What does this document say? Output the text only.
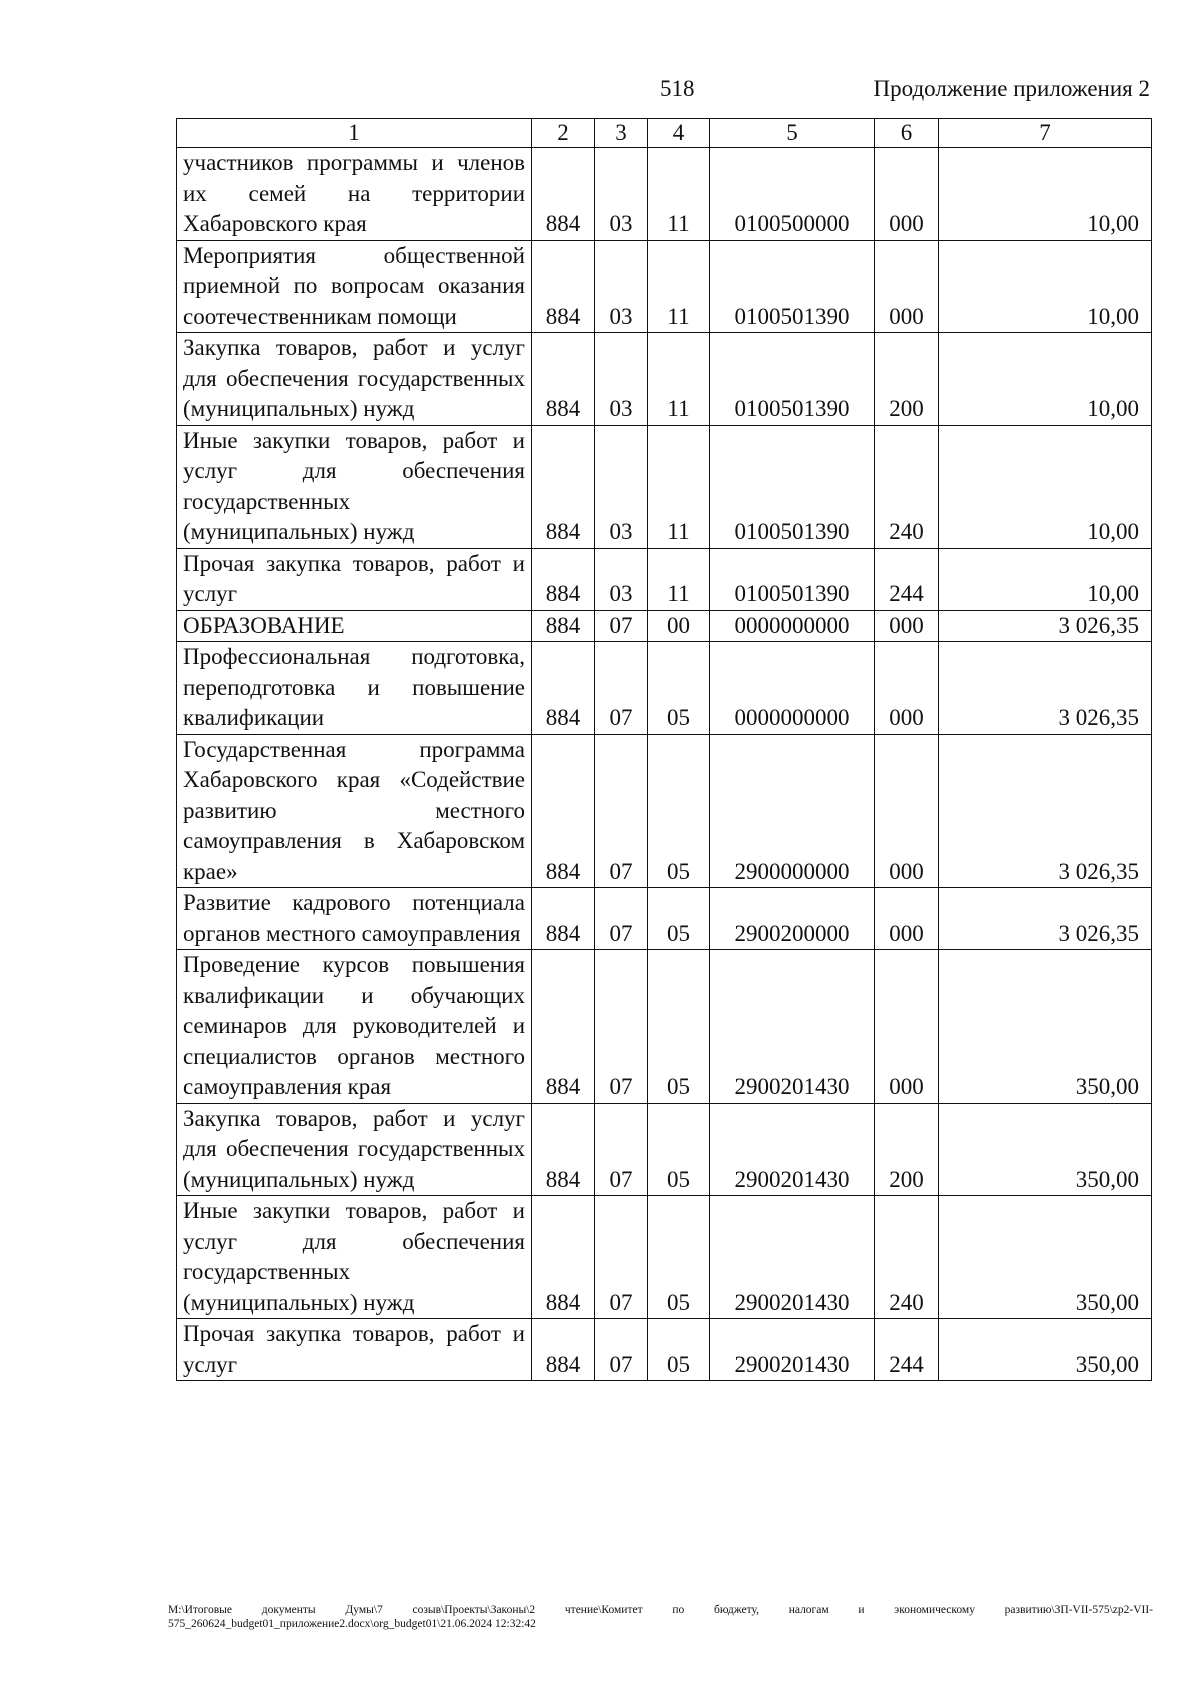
518	Продолжение приложения 2
1	2	3	4	5	6	7
участников программы и членов их семей на территории Хабаровского края	884	03	11	0100500000	000	10,00
Мероприятия общественной приемной по вопросам оказания соотечественникам помощи	884	03	11	0100501390	000	10,00
Закупка товаров, работ и услуг для обеспечения государственных (муниципальных) нужд	884	03	11	0100501390	200	10,00
Иные закупки товаров, работ и услуг для обеспечения государственных (муниципальных) нужд	884	03	11	0100501390	240	10,00
Прочая закупка товаров, работ и услуг	884	03	11	0100501390	244	10,00
ОБРАЗОВАНИЕ	884	07	00	0000000000	000	3 026,35
Профессиональная подготовка, переподготовка и повышение квалификации	884	07	05	0000000000	000	3 026,35
Государственная программа Хабаровского края «Содействие развитию местного самоуправления в Хабаровском крае»	884	07	05	2900000000	000	3 026,35
Развитие кадрового потенциала органов местного самоуправления	884	07	05	2900200000	000	3 026,35
Проведение курсов повышения квалификации и обучающих семинаров для руководителей и специалистов органов местного самоуправления края	884	07	05	2900201430	000	350,00
Закупка товаров, работ и услуг для обеспечения государственных (муниципальных) нужд	884	07	05	2900201430	200	350,00
Иные закупки товаров, работ и услуг для обеспечения государственных (муниципальных) нужд	884	07	05	2900201430	240	350,00
Прочая закупка товаров, работ и услуг	884	07	05	2900201430	244	350,00
М:\Итоговые документы Думы\7 созыв\Проекты\Законы\2 чтение\Комитет по бюджету, налогам и экономическому развитию\ЗП-VII-575\zp2-VII-575_260624_budget01_приложение2.docx\org_budget01\21.06.2024 12:32:42
